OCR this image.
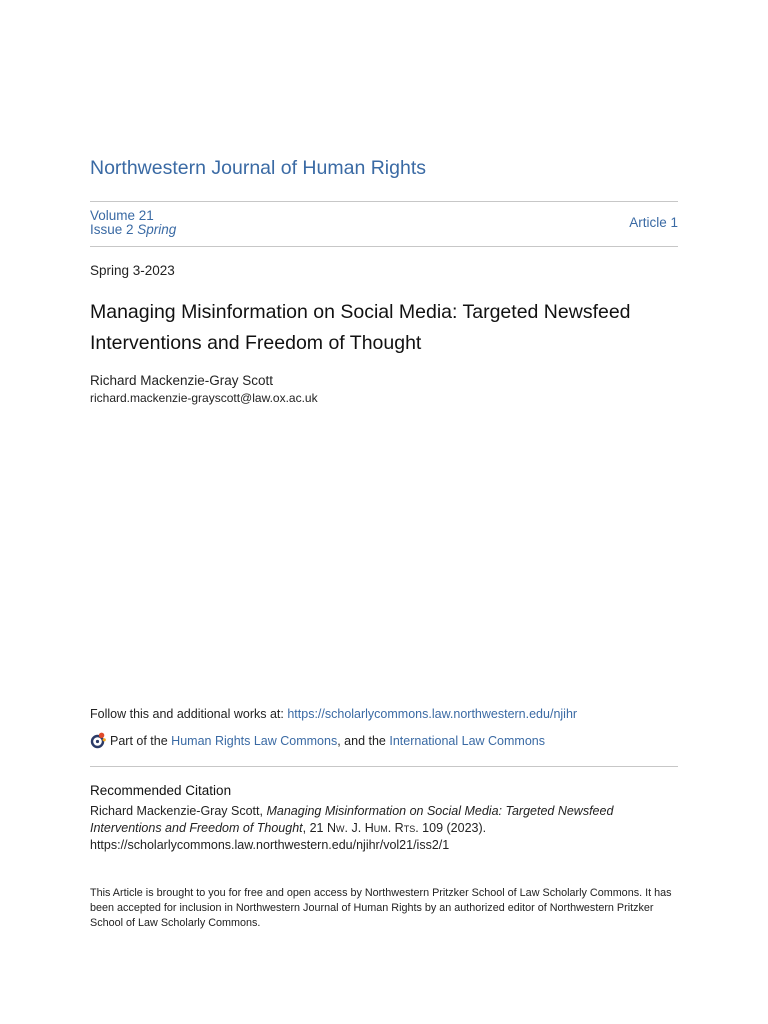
Northwestern Journal of Human Rights
Volume 21
Issue 2 Spring	Article 1
Spring 3-2023
Managing Misinformation on Social Media: Targeted Newsfeed Interventions and Freedom of Thought
Richard Mackenzie-Gray Scott
richard.mackenzie-grayscott@law.ox.ac.uk
Follow this and additional works at: https://scholarlycommons.law.northwestern.edu/njihr
Part of the
Human Rights Law Commons , and the
International Law Commons
Recommended Citation
Richard Mackenzie-Gray Scott, Managing Misinformation on Social Media: Targeted Newsfeed Interventions and Freedom of Thought, 21 Nw. J. Hum. Rts. 109 (2023).
https://scholarlycommons.law.northwestern.edu/njihr/vol21/iss2/1
This Article is brought to you for free and open access by Northwestern Pritzker School of Law Scholarly Commons. It has been accepted for inclusion in Northwestern Journal of Human Rights by an authorized editor of Northwestern Pritzker School of Law Scholarly Commons.
